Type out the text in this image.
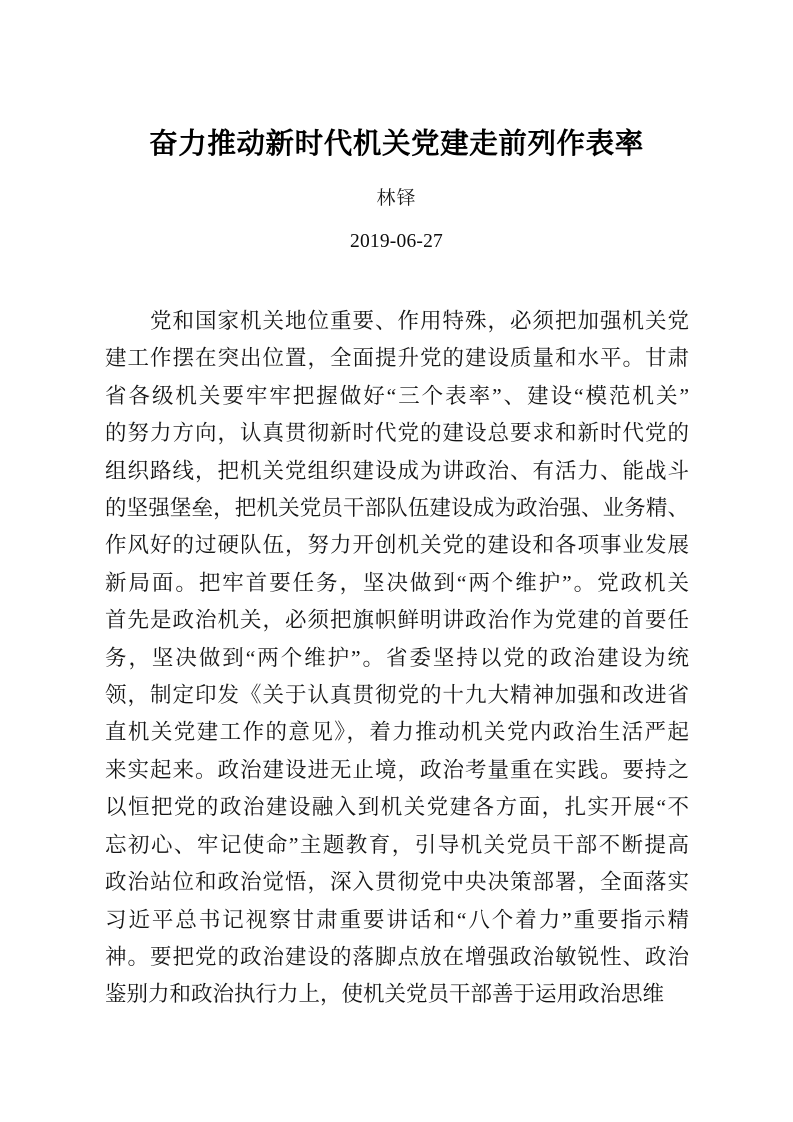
奋力推动新时代机关党建走前列作表率
林铎
2019-06-27
　　党和国家机关地位重要、作用特殊，必须把加强机关党
建工作摆在突出位置，全面提升党的建设质量和水平。甘肃
省各级机关要牢牢把握做好“三个表率”、建设“模范机关”
的努力方向，认真贯彻新时代党的建设总要求和新时代党的
组织路线，把机关党组织建设成为讲政治、有活力、能战斗
的坚强堡垒，把机关党员干部队伍建设成为政治强、业务精、
作风好的过硬队伍，努力开创机关党的建设和各项事业发展
新局面。把牢首要任务，坚决做到“两个维护”。党政机关
首先是政治机关，必须把旗帜鲜明讲政治作为党建的首要任
务，坚决做到“两个维护”。省委坚持以党的政治建设为统
领，制定印发《关于认真贯彻党的十九大精神加强和改进省
直机关党建工作的意见》，着力推动机关党内政治生活严起
来实起来。政治建设进无止境，政治考量重在实践。要持之
以恒把党的政治建设融入到机关党建各方面，扎实开展“不
忘初心、牢记使命”主题教育，引导机关党员干部不断提高
政治站位和政治觉悟，深入贯彻党中央决策部署，全面落实
习近平总书记视察甘肃重要讲话和“八个着力”重要指示精
神。要把党的政治建设的落脚点放在增强政治敏锐性、政治
鉴别力和政治执行力上，使机关党员干部善于运用政治思维
